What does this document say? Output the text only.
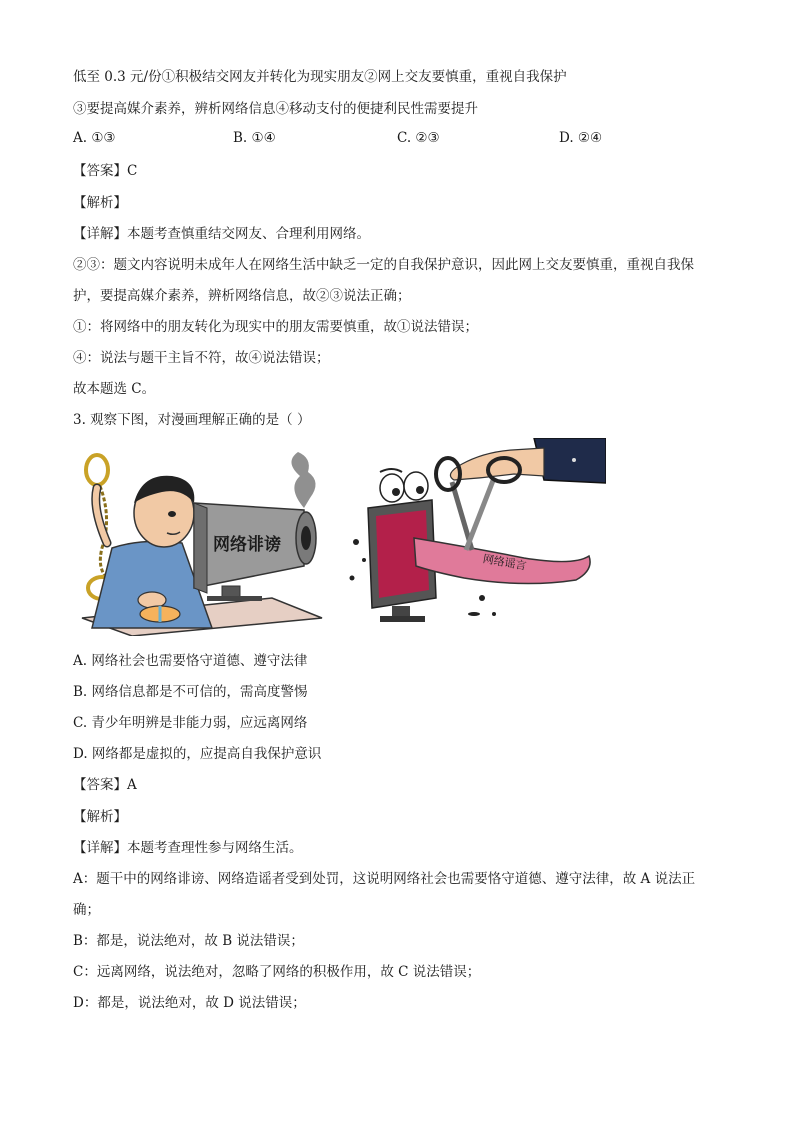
低至 0.3 元/份①积极结交网友并转化为现实朋友②网上交友要慎重，重视自我保护
③要提高媒介素养，辨析网络信息④移动支付的便捷利民性需要提升
A. ①③	B. ①④	C. ②③	D. ②④
【答案】C
【解析】
【详解】本题考查慎重结交网友、合理利用网络。
②③：题文内容说明未成年人在网络生活中缺乏一定的自我保护意识，因此网上交友要慎重，重视自我保
护，要提高媒介素养，辨析网络信息，故②③说法正确；
①：将网络中的朋友转化为现实中的朋友需要慎重，故①说法错误；
④：说法与题干主旨不符，故④说法错误；
故本题选 C。
3. 观察下图，对漫画理解正确的是（ ）
网络诽谤
网络谣言
A. 网络社会也需要恪守道德、遵守法律
B. 网络信息都是不可信的，需高度警惕
C. 青少年明辨是非能力弱，应远离网络
D. 网络都是虚拟的，应提高自我保护意识
【答案】A
【解析】
【详解】本题考查理性参与网络生活。
A：题干中的网络诽谤、网络造谣者受到处罚，这说明网络社会也需要恪守道德、遵守法律，故 A 说法正
确；
B：都是，说法绝对，故 B 说法错误；
C：远离网络，说法绝对，忽略了网络的积极作用，故 C 说法错误；
D：都是，说法绝对，故 D 说法错误；
